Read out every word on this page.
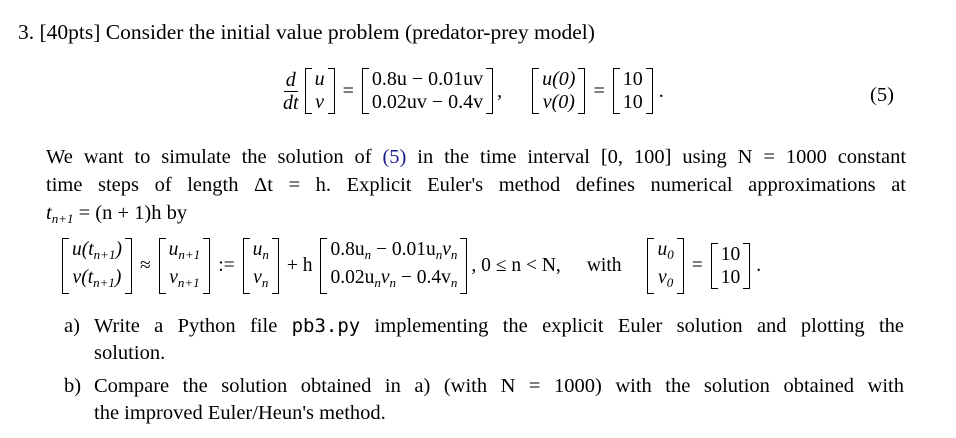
3. [40pts] Consider the initial value problem (predator-prey model)
$\frac{d}{dt}$ u
v
=
0.8u − 0.01uv
0.02uv − 0.4v
,
u(0)
v(0)
=
10
10
.	(5)
We want to simulate the solution of (5) in the time interval [0, 100] using N = 1000 constant
time steps of length Δt = h. Explicit Euler's method defines numerical approximations at
$t_{n+1} = (n + 1)h$ by
$u(t_{n+1})$
$v(t_{n+1})$
≈
$u_{n+1}$
$v_{n+1}$
:=
$u_n$
$v_n$
+ h
$0.8u_n - 0.01u_nv_n$
$0.02u_nv_n - 0.4v_n$
, 0 ≤ n < N, with
$u_0$
$v_0$
=
10
10
.
a) Write a Python file pb3.py implementing the explicit Euler solution and plotting the
solution.
b) Compare the solution obtained in a) (with N = 1000) with the solution obtained with
the improved Euler/Heun's method.
